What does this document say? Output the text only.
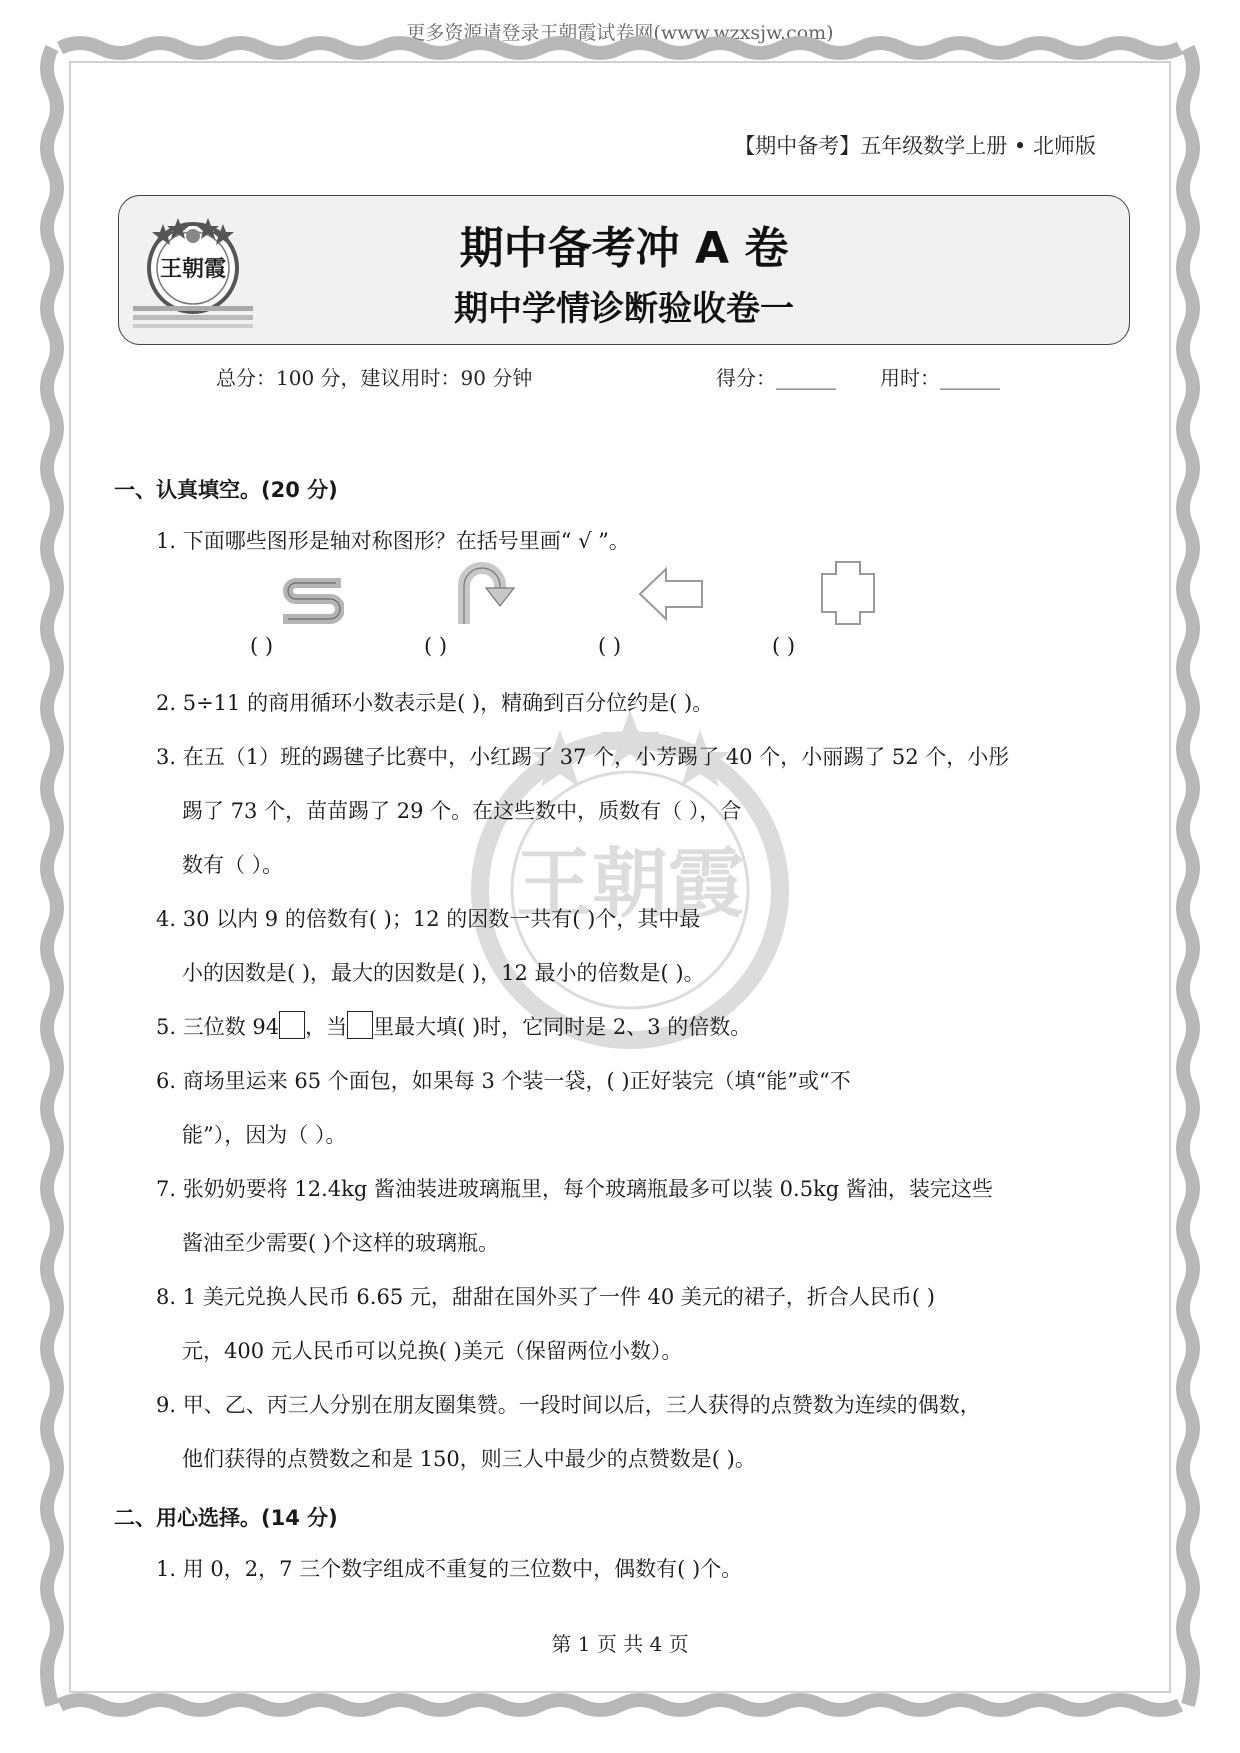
更多资源请登录王朝霞试卷网(www.wzxsjw.com)
【期中备考】五年级数学上册 • 北师版
王朝霞	期中备考冲 A 卷
期中学情诊断验收卷一
总分：100 分，建议用时：90 分钟	得分：______ 用时：______
王朝霞
一、认真填空。(20 分)
1. 下面哪些图形是轴对称图形？在括号里画“ √ ”。
( )	( )	( )	( )
2. 5÷11 的商用循环小数表示是( )，精确到百分位约是( )。
3. 在五（1）班的踢毽子比赛中，小红踢了 37 个，小芳踢了 40 个，小丽踢了 52 个，小彤
踢了 73 个，苗苗踢了 29 个。在这些数中，质数有（ ），合
数有（ ）。
4. 30 以内 9 的倍数有( )；12 的因数一共有( )个，其中最
小的因数是( )，最大的因数是( )，12 最小的倍数是( )。
5. 三位数 94 ，当 里最大填( )时，它同时是 2、3 的倍数。
6. 商场里运来 65 个面包，如果每 3 个装一袋，( )正好装完（填“能”或“不
能”），因为（ ）。
7. 张奶奶要将 12.4kg 酱油装进玻璃瓶里，每个玻璃瓶最多可以装 0.5kg 酱油，装完这些
酱油至少需要( )个这样的玻璃瓶。
8. 1 美元兑换人民币 6.65 元，甜甜在国外买了一件 40 美元的裙子，折合人民币( )
元，400 元人民币可以兑换( )美元（保留两位小数）。
9. 甲、乙、丙三人分别在朋友圈集赞。一段时间以后，三人获得的点赞数为连续的偶数，
他们获得的点赞数之和是 150，则三人中最少的点赞数是( )。
二、用心选择。(14 分)
1. 用 0，2，7 三个数字组成不重复的三位数中，偶数有( )个。
第 1 页 共 4 页
